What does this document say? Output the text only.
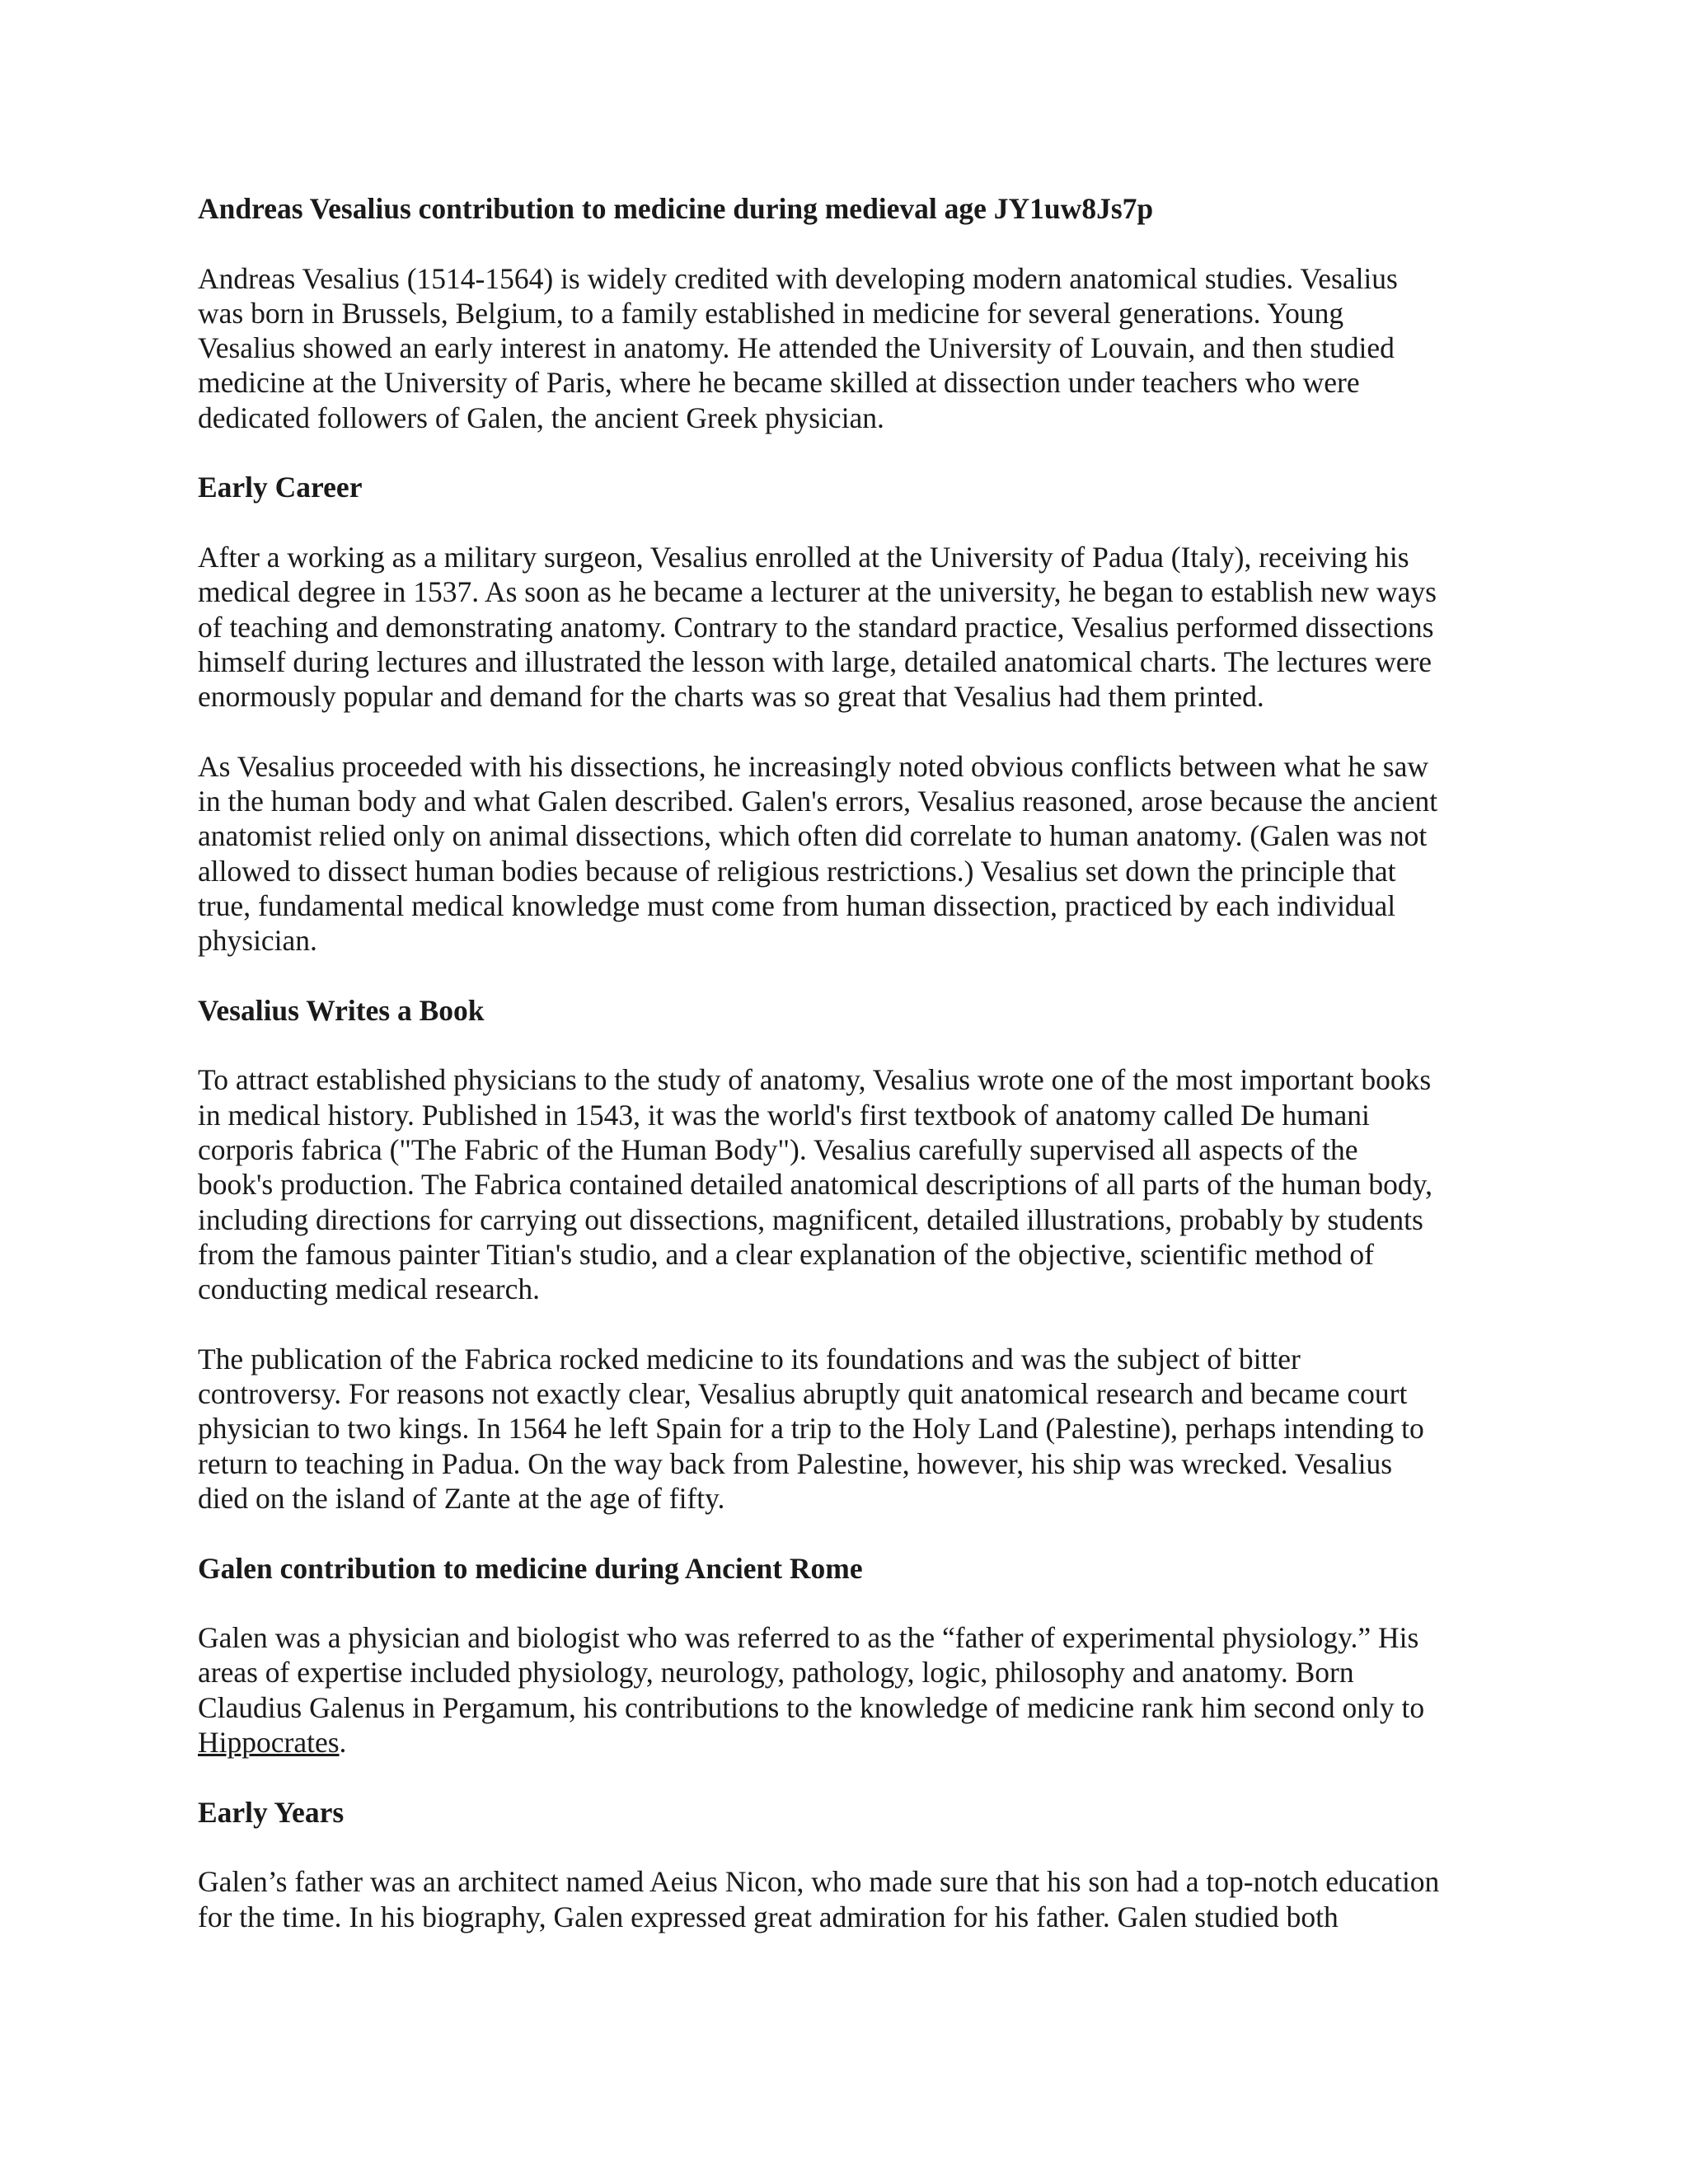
Andreas Vesalius contribution to medicine during medieval age JY1uw8Js7p
Andreas Vesalius (1514-1564) is widely credited with developing modern anatomical studies. Vesalius
was born in Brussels, Belgium, to a family established in medicine for several generations. Young
Vesalius showed an early interest in anatomy. He attended the University of Louvain, and then studied
medicine at the University of Paris, where he became skilled at dissection under teachers who were
dedicated followers of Galen, the ancient Greek physician.
Early Career
After a working as a military surgeon, Vesalius enrolled at the University of Padua (Italy), receiving his
medical degree in 1537. As soon as he became a lecturer at the university, he began to establish new ways
of teaching and demonstrating anatomy. Contrary to the standard practice, Vesalius performed dissections
himself during lectures and illustrated the lesson with large, detailed anatomical charts. The lectures were
enormously popular and demand for the charts was so great that Vesalius had them printed.
As Vesalius proceeded with his dissections, he increasingly noted obvious conflicts between what he saw
in the human body and what Galen described. Galen's errors, Vesalius reasoned, arose because the ancient
anatomist relied only on animal dissections, which often did correlate to human anatomy. (Galen was not
allowed to dissect human bodies because of religious restrictions.) Vesalius set down the principle that
true, fundamental medical knowledge must come from human dissection, practiced by each individual
physician.
Vesalius Writes a Book
To attract established physicians to the study of anatomy, Vesalius wrote one of the most important books
in medical history. Published in 1543, it was the world's first textbook of anatomy called De humani
corporis fabrica ("The Fabric of the Human Body"). Vesalius carefully supervised all aspects of the
book's production. The Fabrica contained detailed anatomical descriptions of all parts of the human body,
including directions for carrying out dissections, magnificent, detailed illustrations, probably by students
from the famous painter Titian's studio, and a clear explanation of the objective, scientific method of
conducting medical research.
The publication of the Fabrica rocked medicine to its foundations and was the subject of bitter
controversy. For reasons not exactly clear, Vesalius abruptly quit anatomical research and became court
physician to two kings. In 1564 he left Spain for a trip to the Holy Land (Palestine), perhaps intending to
return to teaching in Padua. On the way back from Palestine, however, his ship was wrecked. Vesalius
died on the island of Zante at the age of fifty.
Galen contribution to medicine during Ancient Rome
Galen was a physician and biologist who was referred to as the “father of experimental physiology.” His
areas of expertise included physiology, neurology, pathology, logic, philosophy and anatomy. Born
Claudius Galenus in Pergamum, his contributions to the knowledge of medicine rank him second only to
Hippocrates.
Early Years
Galen’s father was an architect named Aeius Nicon, who made sure that his son had a top-notch education
for the time. In his biography, Galen expressed great admiration for his father. Galen studied both
